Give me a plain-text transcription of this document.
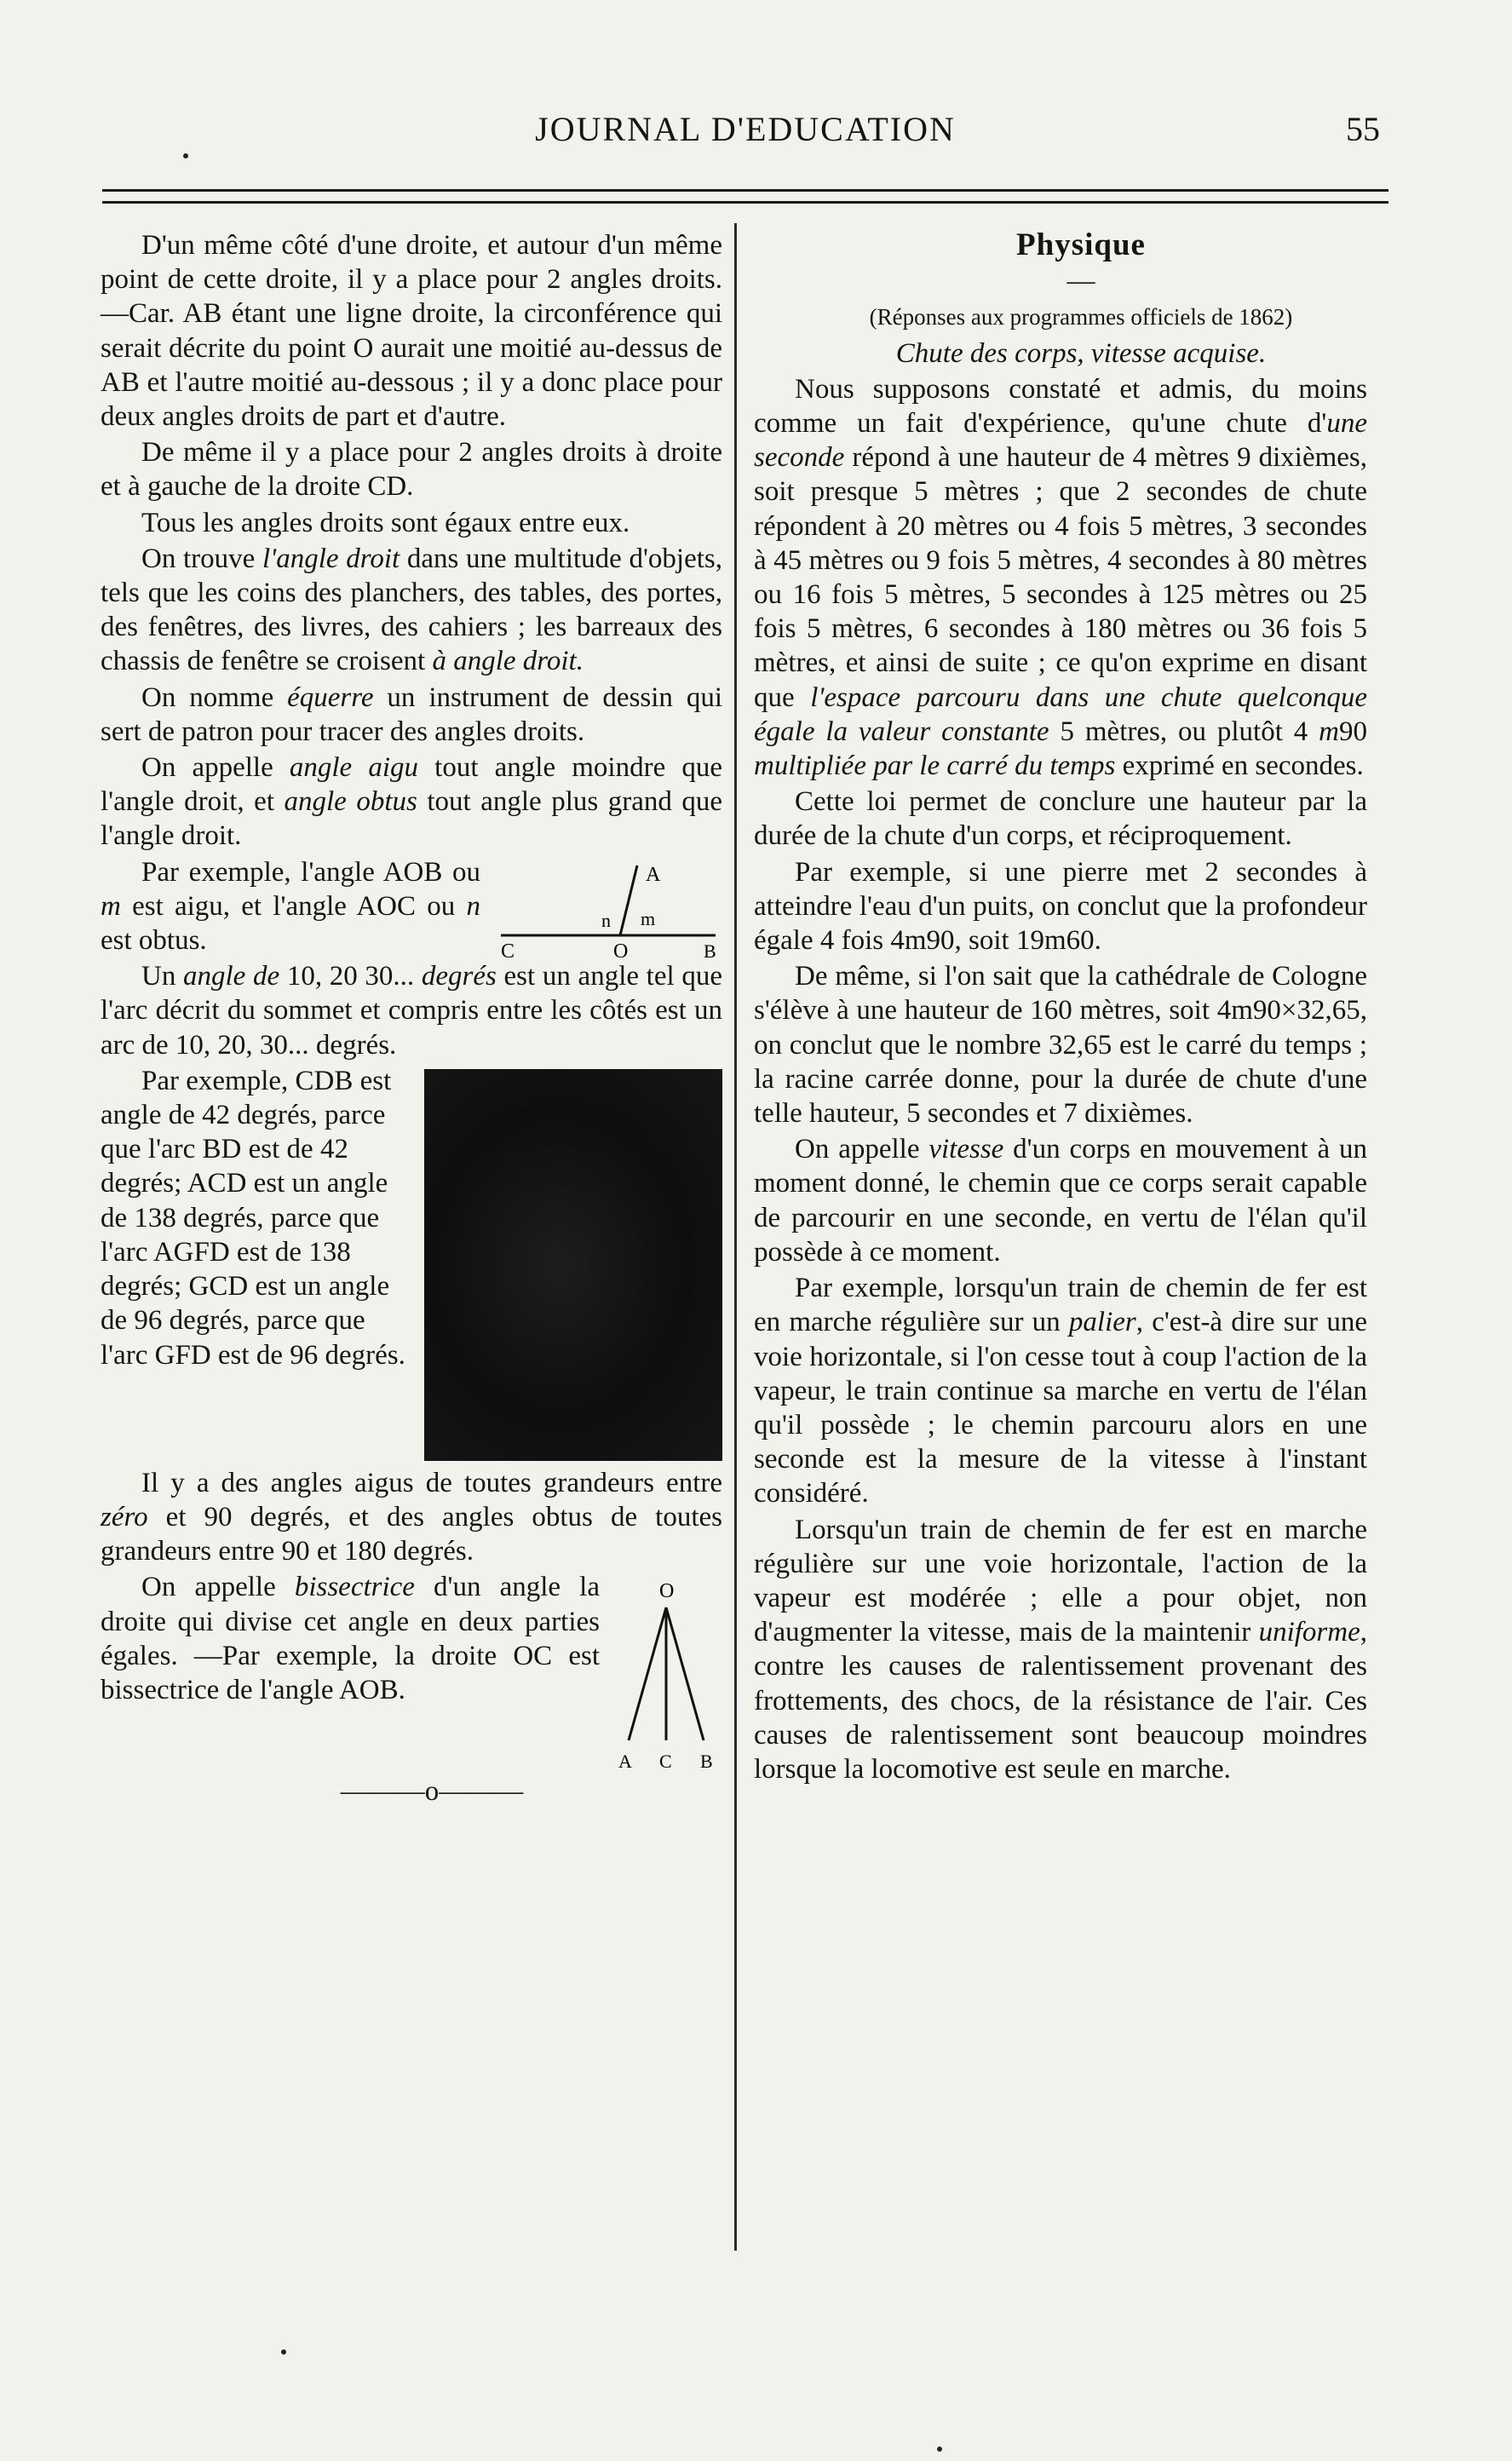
JOURNAL D'EDUCATION	55

D'un même côté d'une droite, et autour d'un même point de cette droite, il y a place pour 2 angles droits.—Car. AB étant une ligne droite, la circonférence qui serait décrite du point O aurait une moitié au-dessus de AB et l'autre moitié au-dessous ; il y a donc place pour deux angles droits de part et d'autre.

De même il y a place pour 2 angles droits à droite et à gauche de la droite CD.

Tous les angles droits sont égaux entre eux.

On trouve l'angle droit dans une multitude d'objets, tels que les coins des planchers, des tables, des portes, des fenêtres, des livres, des cahiers ; les barreaux des chassis de fenêtre se croisent à angle droit.

On nomme équerre un instrument de dessin qui sert de patron pour tracer des angles droits.

On appelle angle aigu tout angle moindre que l'angle droit, et angle obtus tout angle plus grand que l'angle droit.

A
n m
C	O	B

Par exemple, l'angle AOB ou m est aigu, et l'angle AOC ou n est obtus.

Un angle de 10, 20 30... degrés est un angle tel que l'arc décrit du sommet et compris entre les côtés est un arc de 10, 20, 30... degrés.

Par exemple, CDB est angle de 42 degrés, parce que l'arc BD est de 42 degrés; ACD est un angle de 138 degrés, parce que l'arc AGFD est de 138 degrés; GCD est un angle de 96 degrés, parce que l'arc GFD est de 96 degrés.

Il y a des angles aigus de toutes grandeurs entre zéro et 90 degrés, et des angles obtus de toutes grandeurs entre 90 et 180 degrés.

O
A C B

On appelle bissectrice d'un angle la droite qui divise cet angle en deux parties égales. —Par exemple, la droite OC est bissectrice de l'angle AOB.

———o———

Physique

—

(Réponses aux programmes officiels de 1862)

Chute des corps, vitesse acquise.

Nous supposons constaté et admis, du moins comme un fait d'expérience, qu'une chute d'une seconde répond à une hauteur de 4 mètres 9 dixièmes, soit presque 5 mètres ; que 2 secondes de chute répondent à 20 mètres ou 4 fois 5 mètres, 3 secondes à 45 mètres ou 9 fois 5 mètres, 4 secondes à 80 mètres ou 16 fois 5 mètres, 5 secondes à 125 mètres ou 25 fois 5 mètres, 6 secondes à 180 mètres ou 36 fois 5 mètres, et ainsi de suite ; ce qu'on exprime en disant que l'espace parcouru dans une chute quelconque égale la valeur constante 5 mètres, ou plutôt 4 m90 multipliée par le carré du temps exprimé en secondes.

Cette loi permet de conclure une hauteur par la durée de la chute d'un corps, et réciproquement.

Par exemple, si une pierre met 2 secondes à atteindre l'eau d'un puits, on conclut que la profondeur égale 4 fois 4m90, soit 19m60.

De même, si l'on sait que la cathédrale de Cologne s'élève à une hauteur de 160 mètres, soit 4m90×32,65, on conclut que le nombre 32,65 est le carré du temps ; la racine carrée donne, pour la durée de chute d'une telle hauteur, 5 secondes et 7 dixièmes.

On appelle vitesse d'un corps en mouvement à un moment donné, le chemin que ce corps serait capable de parcourir en une seconde, en vertu de l'élan qu'il possède à ce moment.

Par exemple, lorsqu'un train de chemin de fer est en marche régulière sur un palier, c'est-à dire sur une voie horizontale, si l'on cesse tout à coup l'action de la vapeur, le train continue sa marche en vertu de l'élan qu'il possède ; le chemin parcouru alors en une seconde est la mesure de la vitesse à l'instant considéré.

Lorsqu'un train de chemin de fer est en marche régulière sur une voie horizontale, l'action de la vapeur est modérée ; elle a pour objet, non d'augmenter la vitesse, mais de la maintenir uniforme, contre les causes de ralentissement provenant des frottements, des chocs, de la résistance de l'air. Ces causes de ralentissement sont beaucoup moindres lorsque la locomotive est seule en marche.
